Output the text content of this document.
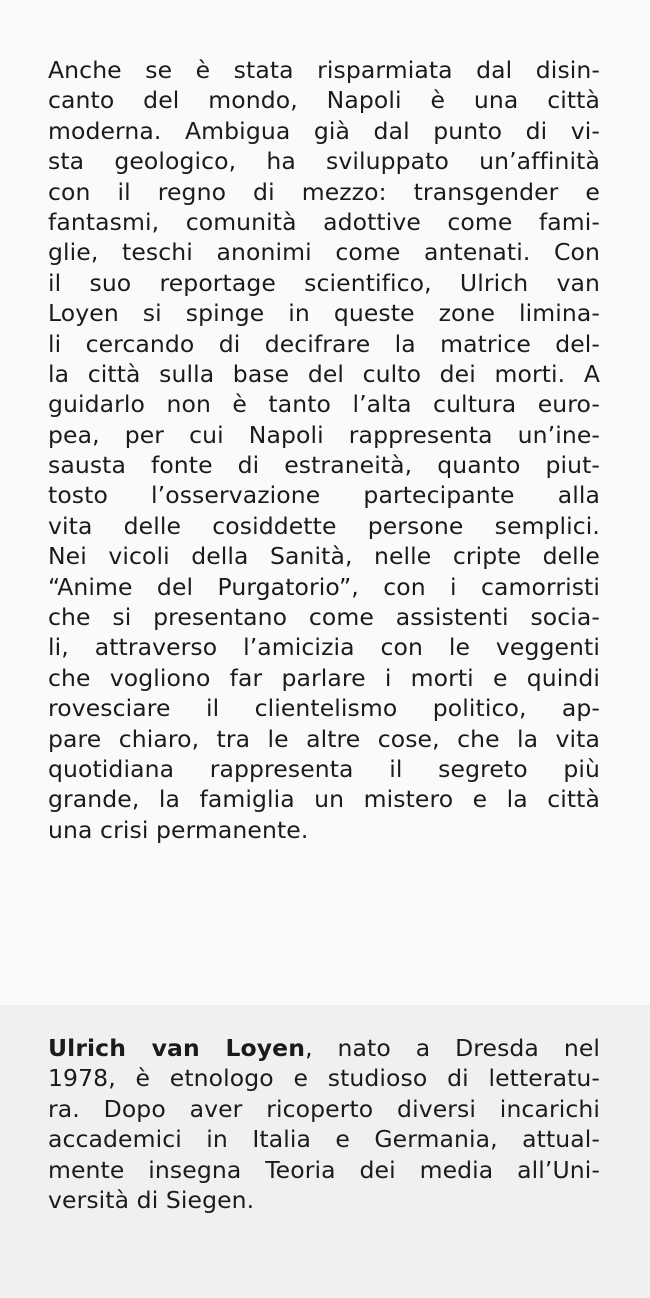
Anche se è stata risparmiata dal disin-
canto del mondo, Napoli è una città
moderna. Ambigua già dal punto di vi-
sta geologico, ha sviluppato un’affinità
con il regno di mezzo: transgender e
fantasmi, comunità adottive come fami-
glie, teschi anonimi come antenati. Con
il suo reportage scientifico, Ulrich van
Loyen si spinge in queste zone limina-
li cercando di decifrare la matrice del-
la città sulla base del culto dei morti. A
guidarlo non è tanto l’alta cultura euro-
pea, per cui Napoli rappresenta un’ine-
sausta fonte di estraneità, quanto piut-
tosto l’osservazione partecipante alla
vita delle cosiddette persone semplici.
Nei vicoli della Sanità, nelle cripte delle
“Anime del Purgatorio”, con i camorristi
che si presentano come assistenti socia-
li, attraverso l’amicizia con le veggenti
che vogliono far parlare i morti e quindi
rovesciare il clientelismo politico, ap-
pare chiaro, tra le altre cose, che la vita
quotidiana rappresenta il segreto più
grande, la famiglia un mistero e la città
una crisi permanente.
Ulrich van Loyen, nato a Dresda nel
1978, è etnologo e studioso di letteratu-
ra. Dopo aver ricoperto diversi incarichi
accademici in Italia e Germania, attual-
mente insegna Teoria dei media all’Uni-
versità di Siegen.
